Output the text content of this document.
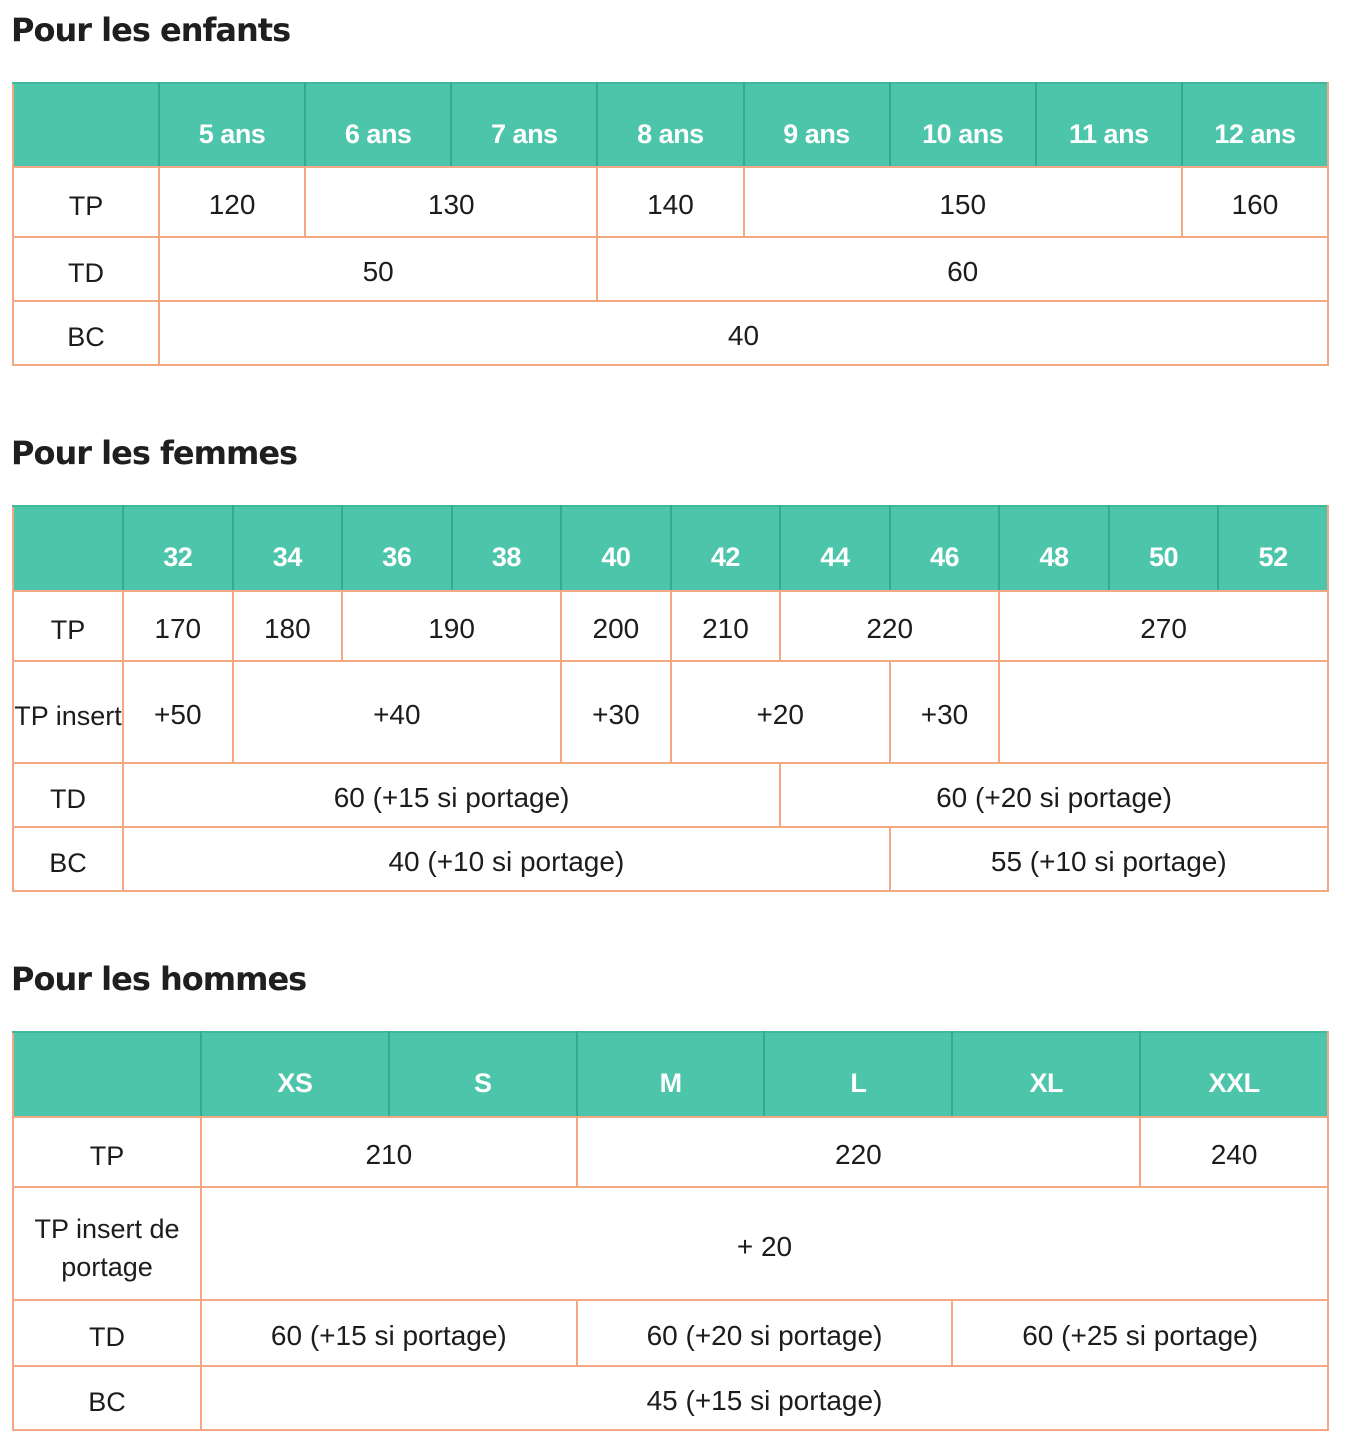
Pour les enfants
	5 ans	6 ans	7 ans	8 ans	9 ans	10 ans	11 ans	12 ans
TP	120	130		140	150			160
TD	50			60				
BC	40							
Pour les femmes
	32	34	36	38	40	42	44	46	48	50	52
TP	170	180	190		200	210	220		270		
TP insert	+50	+40			+30	+20		+30			
TD	60 (+15 si portage)						60 (+20 si portage)				
BC	40 (+10 si portage)							55 (+10 si portage)			
Pour les hommes
	XS	S	M	L	XL	XXL
TP	210		220			240
TP insert de portage	+ 20					
TD	60 (+15 si portage)		60 (+20 si portage)		60 (+25 si portage)	
BC	45 (+15 si portage)					
